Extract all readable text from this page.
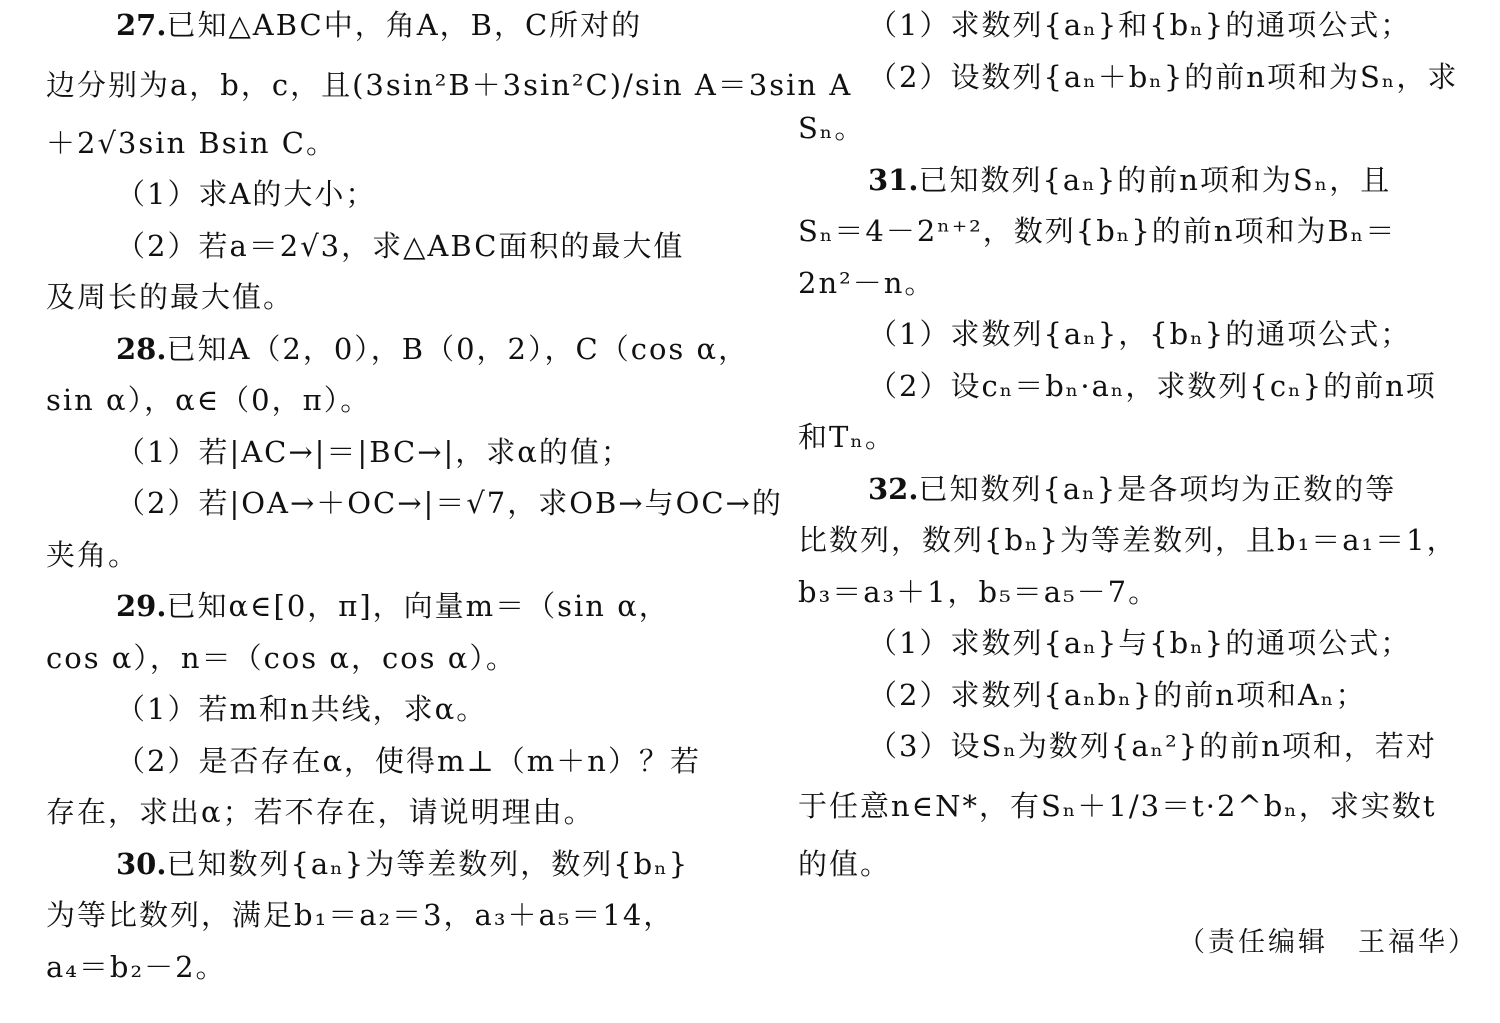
27.已知△ABC中，角A，B，C所对的
边分别为a，b，c，且(3sin²B＋3sin²C)/sin A＝3sin A
＋2√3sin Bsin C。
（1）求A的大小；
（2）若a＝2√3，求△ABC面积的最大值
及周长的最大值。
28.已知A（2，0），B（0，2），C（cos α，
sin α），α∈（0，π）。
（1）若|AC→|＝|BC→|，求α的值；
（2）若|OA→＋OC→|＝√7，求OB→与OC→的
夹角。
29.已知α∈[0，π]，向量m＝（sin α，
cos α），n＝（cos α，cos α）。
（1）若m和n共线，求α。
（2）是否存在α，使得m⊥（m＋n）？若
存在，求出α；若不存在，请说明理由。
30.已知数列{aₙ}为等差数列，数列{bₙ}
为等比数列，满足b₁＝a₂＝3，a₃＋a₅＝14，
a₄＝b₂－2。
（1）求数列{aₙ}和{bₙ}的通项公式；
（2）设数列{aₙ＋bₙ}的前n项和为Sₙ，求
Sₙ。
31.已知数列{aₙ}的前n项和为Sₙ，且
Sₙ＝4－2ⁿ⁺²，数列{bₙ}的前n项和为Bₙ＝
2n²－n。
（1）求数列{aₙ}，{bₙ}的通项公式；
（2）设cₙ＝bₙ·aₙ，求数列{cₙ}的前n项
和Tₙ。
32.已知数列{aₙ}是各项均为正数的等
比数列，数列{bₙ}为等差数列，且b₁＝a₁＝1，
b₃＝a₃＋1，b₅＝a₅－7。
（1）求数列{aₙ}与{bₙ}的通项公式；
（2）求数列{aₙbₙ}的前n项和Aₙ；
（3）设Sₙ为数列{aₙ²}的前n项和，若对
于任意n∈N*，有Sₙ＋1/3＝t·2^bₙ，求实数t
的值。
（责任编辑　王福华）
